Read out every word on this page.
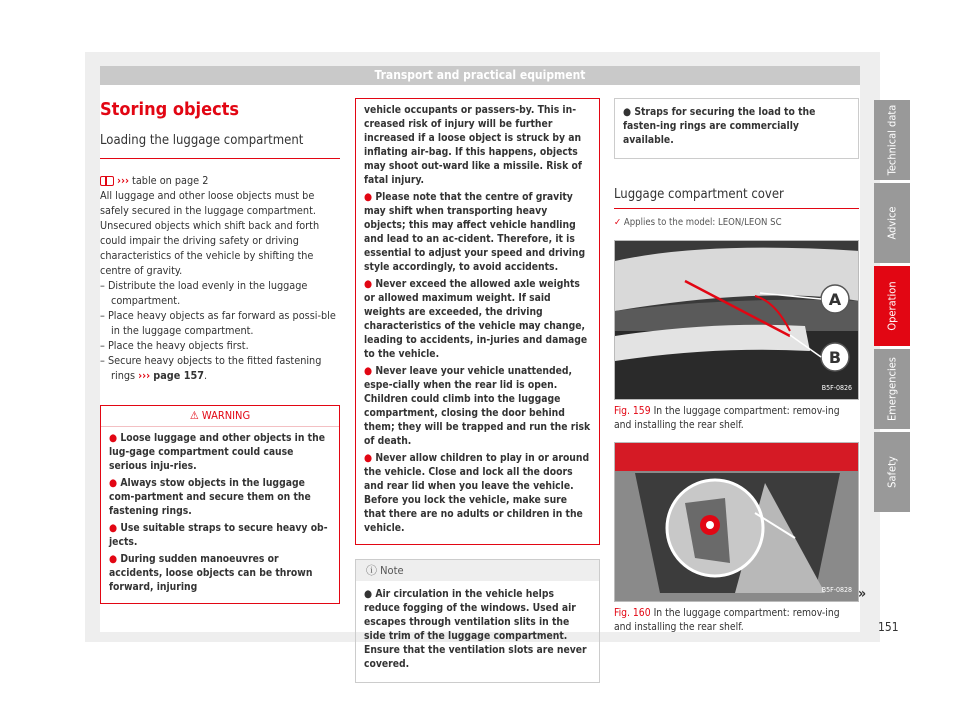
Transport and practical equipment
Storing objects
Loading the luggage compartment
››› table on page 2

All luggage and other loose objects must be safely secured in the luggage compartment. Unsecured objects which shift back and forth could impair the driving safety or driving characteristics of the vehicle by shifting the centre of gravity.

– Distribute the load evenly in the luggage compartment.

– Place heavy objects as far forward as possi-ble in the luggage compartment.

– Place the heavy objects first.

– Secure heavy objects to the fitted fastening rings ››› page 157.

⚠ WARNING

● Loose luggage and other objects in the lug-gage compartment could cause serious inju-ries.

● Always stow objects in the luggage com-partment and secure them on the fastening rings.

● Use suitable straps to secure heavy ob-jects.

● During sudden manoeuvres or accidents, loose objects can be thrown forward, injuring

vehicle occupants or passers-by. This in-creased risk of injury will be further increased if a loose object is struck by an inflating air-bag. If this happens, objects may shoot out-ward like a missile. Risk of fatal injury.

● Please note that the centre of gravity may shift when transporting heavy objects; this may affect vehicle handling and lead to an ac-cident. Therefore, it is essential to adjust your speed and driving style accordingly, to avoid accidents.

● Never exceed the allowed axle weights or allowed maximum weight. If said weights are exceeded, the driving characteristics of the vehicle may change, leading to accidents, in-juries and damage to the vehicle.

● Never leave your vehicle unattended, espe-cially when the rear lid is open. Children could climb into the luggage compartment, closing the door behind them; they will be trapped and run the risk of death.

● Never allow children to play in or around the vehicle. Close and lock all the doors and rear lid when you leave the vehicle. Before you lock the vehicle, make sure that there are no adults or children in the vehicle.

ⓘ Note

● Air circulation in the vehicle helps reduce fogging of the windows. Used air escapes through ventilation slits in the side trim of the luggage compartment. Ensure that the ventilation slots are never covered.

● Straps for securing the load to the fasten-ing rings are commercially available.

Luggage compartment cover
✓ Applies to the model: LEON/LEON SC
A
B
B5F-0826
Fig. 159 In the luggage compartment: remov-ing and installing the rear shelf.
B5F-0828
Fig. 160 In the luggage compartment: remov-ing and installing the rear shelf.
Technical data
Advice
Operation
Emergencies
Safety
»
151
